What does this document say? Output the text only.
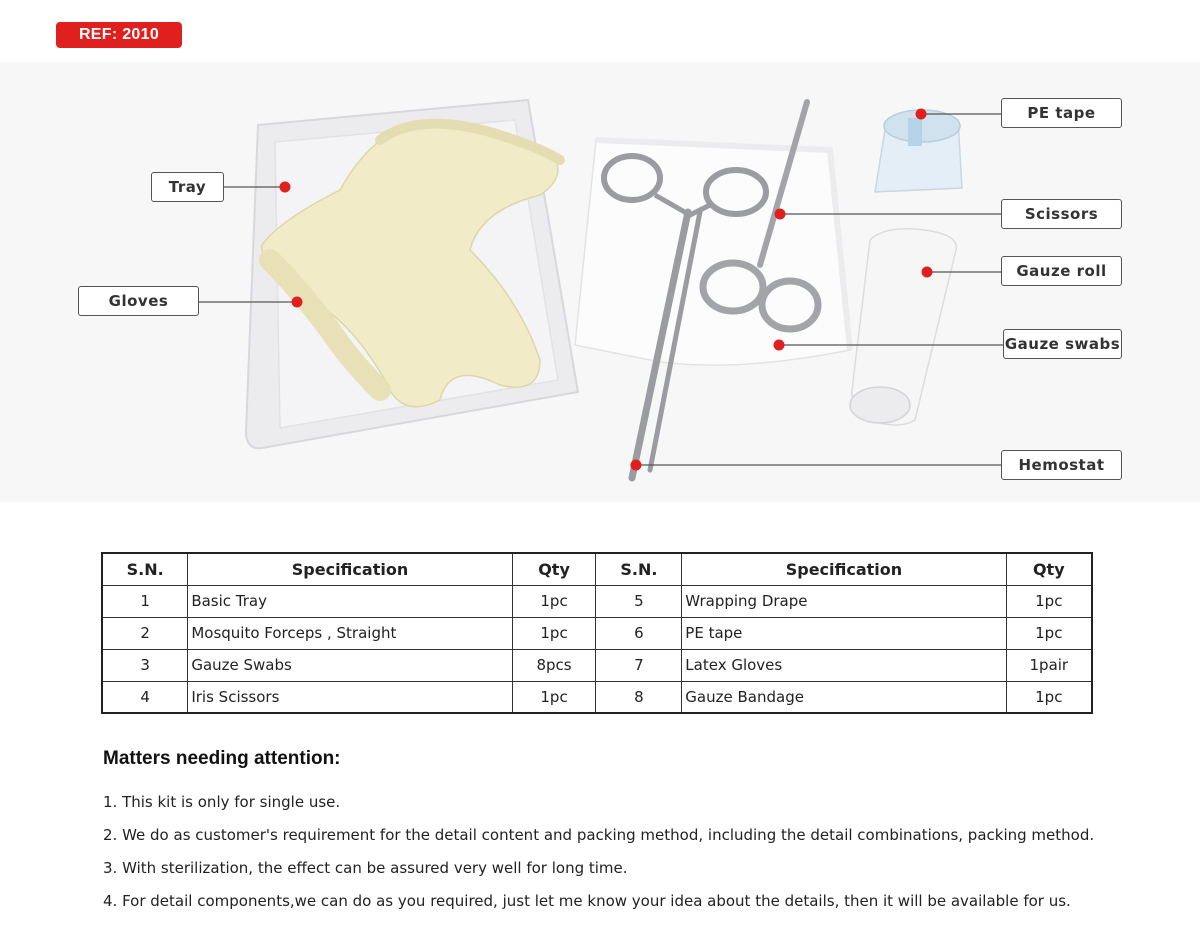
REF: 2010
Tray
Gloves
PE tape
Scissors
Gauze roll
Gauze swabs
Hemostat
S.N.	Specification	Qty	S.N.	Specification	Qty
1	Basic Tray	1pc	5	Wrapping Drape	1pc
2	Mosquito Forceps , Straight	1pc	6	PE tape	1pc
3	Gauze Swabs	8pcs	7	Latex Gloves	1pair
4	Iris Scissors	1pc	8	Gauze Bandage	1pc
Matters needing attention:
1. This kit is only for single use.
2. We do as customer's requirement for the detail content and packing method, including the detail combinations, packing method.
3. With sterilization, the effect can be assured very well for long time.
4. For detail components,we can do as you required, just let me know your idea about the details, then it will be available for us.
